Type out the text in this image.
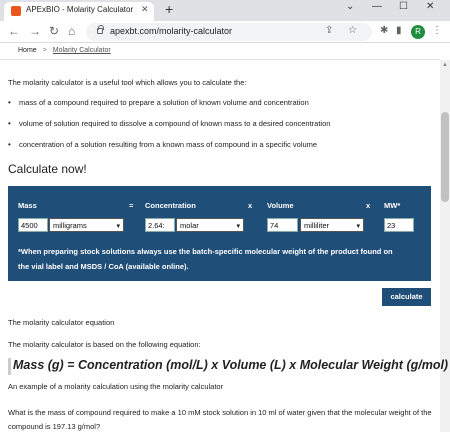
APExBIO - Molarity Calculator ✕ +	⌄ — ☐ ✕
← → ↻ ⌂	apexbt.com/molarity-calculator	⇪ ☆ ✱ ▮	R	⋮
Home > Molarity Calculator
▲
The molarity calculator is a useful tool which allows you to calculate the:
• mass of a compound required to prepare a solution of known volume and concentration
• volume of solution required to dissolve a compound of known mass to a desired concentration
• concentration of a solution resulting from a known mass of compound in a specific volume
Calculate now!
Mass	= Concentration	x Volume	x MW*
4500	milligrams	▾	2.64:	molar	▾	74	milliliter	▾	23
*When preparing stock solutions always use the batch-specific molecular weight of the product found on
the vial label and MSDS / CoA (available online).
calculate
The molarity calculator equation
The molarity calculator is based on the following equation:
Mass (g) = Concentration (mol/L) x Volume (L) x Molecular Weight (g/mol)
An example of a molarity calculation using the molarity calculator
What is the mass of compound required to make a 10 mM stock solution in 10 ml of water given that the molecular weight of the compound is 197.13 g/mol?
